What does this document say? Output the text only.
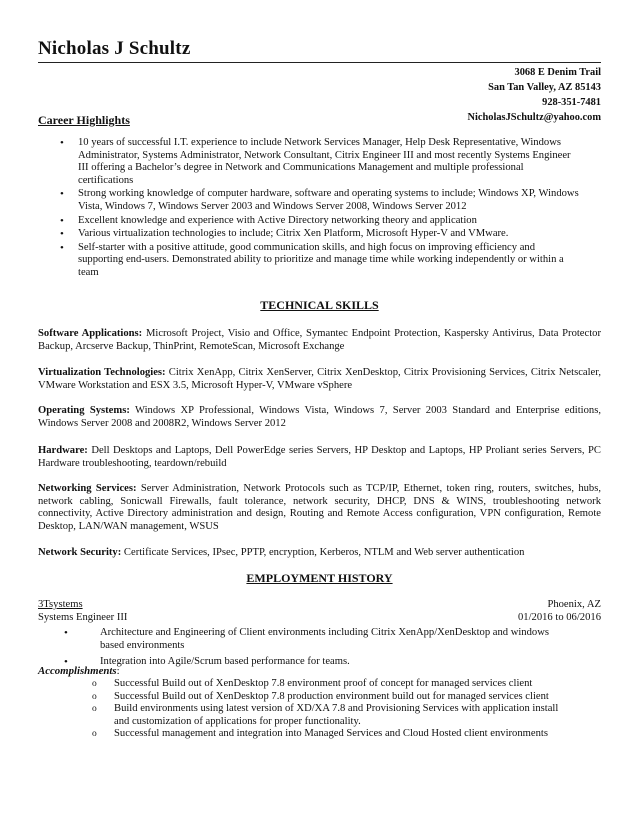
Nicholas J Schultz
3068 E Denim Trail
San Tan Valley, AZ 85143
928-351-7481
NicholasJSchultz@yahoo.com
Career Highlights
• 10 years of successful I.T. experience to include Network Services Manager, Help Desk Representative, Windows Administrator, Systems Administrator, Network Consultant, Citrix Engineer III and most recently Systems Engineer III offering a Bachelor’s degree in Network and Communications Management and multiple professional certifications
• Strong working knowledge of computer hardware, software and operating systems to include; Windows XP, Windows Vista, Windows 7, Windows Server 2003 and Windows Server 2008, Windows Server 2012
• Excellent knowledge and experience with Active Directory networking theory and application
• Various virtualization technologies to include; Citrix Xen Platform, Microsoft Hyper-V and VMware.
• Self-starter with a positive attitude, good communication skills, and high focus on improving efficiency and supporting end-users. Demonstrated ability to prioritize and manage time while working independently or within a team
TECHNICAL SKILLS
Software Applications: Microsoft Project, Visio and Office, Symantec Endpoint Protection, Kaspersky Antivirus, Data Protector Backup, Arcserve Backup, ThinPrint, RemoteScan, Microsoft Exchange
Virtualization Technologies: Citrix XenApp, Citrix XenServer, Citrix XenDesktop, Citrix Provisioning Services, Citrix Netscaler, VMware Workstation and ESX 3.5, Microsoft Hyper-V, VMware vSphere
Operating Systems: Windows XP Professional, Windows Vista, Windows 7, Server 2003 Standard and Enterprise editions, Windows Server 2008 and 2008R2, Windows Server 2012
Hardware: Dell Desktops and Laptops, Dell PowerEdge series Servers, HP Desktop and Laptops, HP Proliant series Servers, PC Hardware troubleshooting, teardown/rebuild
Networking Services: Server Administration, Network Protocols such as TCP/IP, Ethernet, token ring, routers, switches, hubs, network cabling, Sonicwall Firewalls, fault tolerance, network security, DHCP, DNS & WINS, troubleshooting network connectivity, Active Directory administration and design, Routing and Remote Access configuration, VPN configuration, Remote Desktop, LAN/WAN management, WSUS
Network Security: Certificate Services, IPsec, PPTP, encryption, Kerberos, NTLM and Web server authentication
EMPLOYMENT HISTORY
3Tsystems	Phoenix, AZ
Systems Engineer III	01/2016 to 06/2016
• Architecture and Engineering of Client environments including Citrix XenApp/XenDesktop and windows based environments
• Integration into Agile/Scrum based performance for teams.
Accomplishments:
o Successful Build out of XenDesktop 7.8 environment proof of concept for managed services client
o Successful Build out of XenDesktop 7.8 production environment build out for managed services client
o Build environments using latest version of XD/XA 7.8 and Provisioning Services with application install and customization of applications for proper functionality.
o Successful management and integration into Managed Services and Cloud Hosted client environments
